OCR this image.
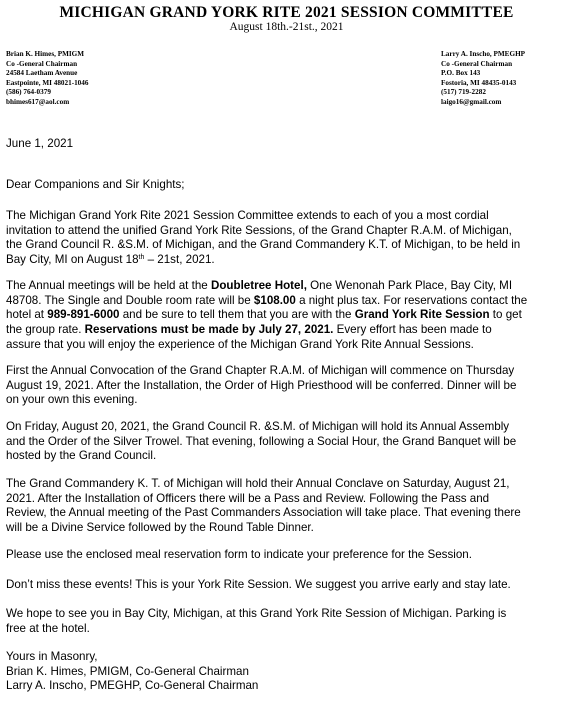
MICHIGAN GRAND YORK RITE 2021 SESSION COMMITTEE
August 18th.-21st., 2021
Brian K. Himes, PMIGM
Co -General Chairman
24584 Laetham Avenue
Eastpointe, MI 48021-1046
(586) 764-0379
bhimes617@aol.com
Larry A. Inscho, PMEGHP
Co -General Chairman
P.O. Box 143
Fostoria, MI 48435-0143
(517) 719-2282
laigo16@gmail.com
June 1, 2021
Dear Companions and Sir Knights;
The Michigan Grand York Rite 2021 Session Committee extends to each of you a most cordial
invitation to attend the unified Grand York Rite Sessions, of the Grand Chapter R.A.M. of Michigan,
the Grand Council R. &S.M. of Michigan, and the Grand Commandery K.T. of Michigan, to be held in
Bay City, MI on August 18th – 21st, 2021.
The Annual meetings will be held at the Doubletree Hotel, One Wenonah Park Place, Bay City, MI
48708. The Single and Double room rate will be $108.00 a night plus tax. For reservations contact the
hotel at 989-891-6000 and be sure to tell them that you are with the Grand York Rite Session to get
the group rate. Reservations must be made by July 27, 2021. Every effort has been made to
assure that you will enjoy the experience of the Michigan Grand York Rite Annual Sessions.
First the Annual Convocation of the Grand Chapter R.A.M. of Michigan will commence on Thursday
August 19, 2021. After the Installation, the Order of High Priesthood will be conferred. Dinner will be
on your own this evening.
On Friday, August 20, 2021, the Grand Council R. &S.M. of Michigan will hold its Annual Assembly
and the Order of the Silver Trowel. That evening, following a Social Hour, the Grand Banquet will be
hosted by the Grand Council.
The Grand Commandery K. T. of Michigan will hold their Annual Conclave on Saturday, August 21,
2021. After the Installation of Officers there will be a Pass and Review. Following the Pass and
Review, the Annual meeting of the Past Commanders Association will take place. That evening there
will be a Divine Service followed by the Round Table Dinner.
Please use the enclosed meal reservation form to indicate your preference for the Session.
Don’t miss these events! This is your York Rite Session. We suggest you arrive early and stay late.
We hope to see you in Bay City, Michigan, at this Grand York Rite Session of Michigan. Parking is
free at the hotel.
Yours in Masonry,
Brian K. Himes, PMIGM, Co-General Chairman
Larry A. Inscho, PMEGHP, Co-General Chairman
